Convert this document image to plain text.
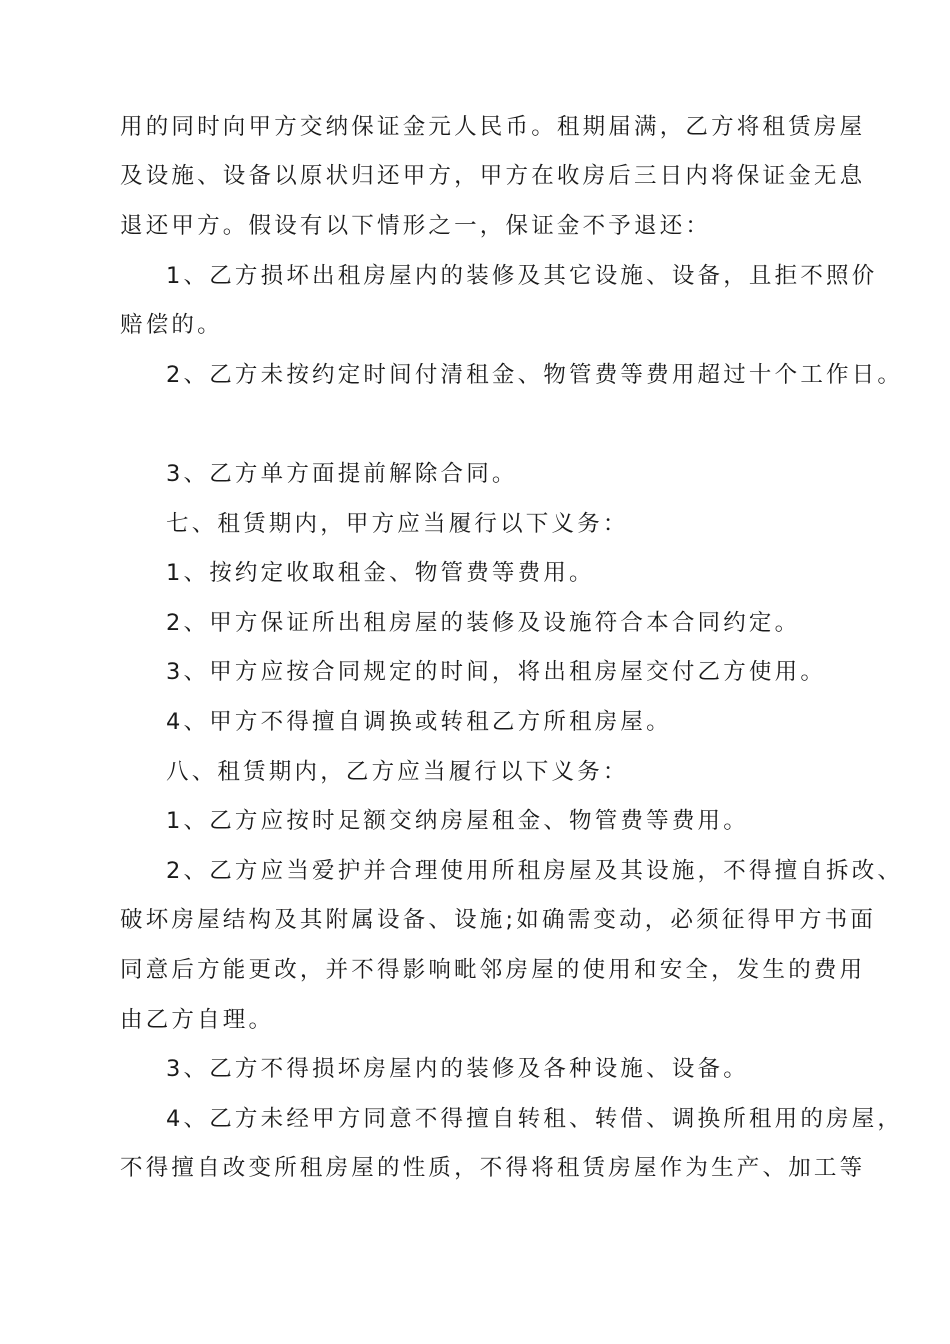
用的同时向甲方交纳保证金元人民币。租期届满，乙方将租赁房屋
及设施、设备以原状归还甲方，甲方在收房后三日内将保证金无息
退还甲方。假设有以下情形之一，保证金不予退还：
1、乙方损坏出租房屋内的装修及其它设施、设备，且拒不照价
赔偿的。
2、乙方未按约定时间付清租金、物管费等费用超过十个工作日。
3、乙方单方面提前解除合同。
七、租赁期内，甲方应当履行以下义务：
1、按约定收取租金、物管费等费用。
2、甲方保证所出租房屋的装修及设施符合本合同约定。
3、甲方应按合同规定的时间，将出租房屋交付乙方使用。
4、甲方不得擅自调换或转租乙方所租房屋。
八、租赁期内，乙方应当履行以下义务：
1、乙方应按时足额交纳房屋租金、物管费等费用。
2、乙方应当爱护并合理使用所租房屋及其设施，不得擅自拆改、
破坏房屋结构及其附属设备、设施;如确需变动，必须征得甲方书面
同意后方能更改，并不得影响毗邻房屋的使用和安全，发生的费用
由乙方自理。
3、乙方不得损坏房屋内的装修及各种设施、设备。
4、乙方未经甲方同意不得擅自转租、转借、调换所租用的房屋，
不得擅自改变所租房屋的性质，不得将租赁房屋作为生产、加工等
